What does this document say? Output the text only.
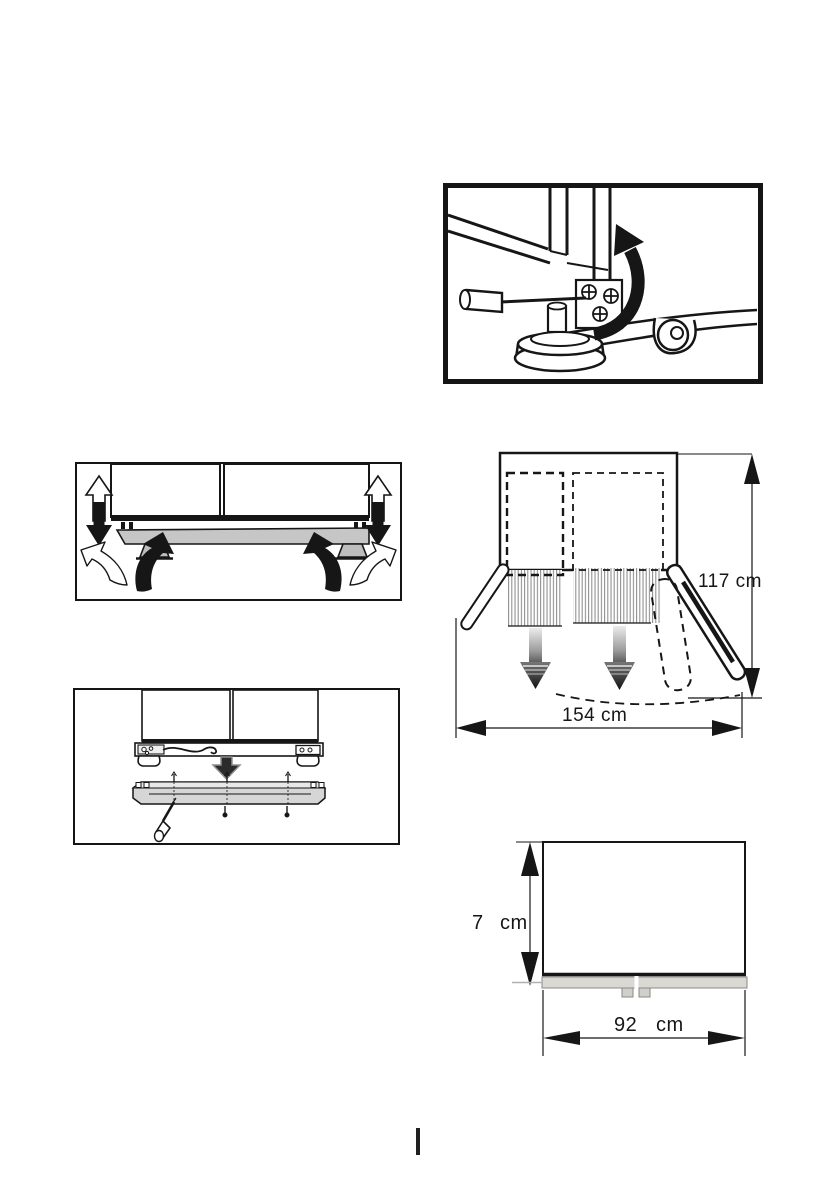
117 cm
154 cm
7 cm
92 cm
